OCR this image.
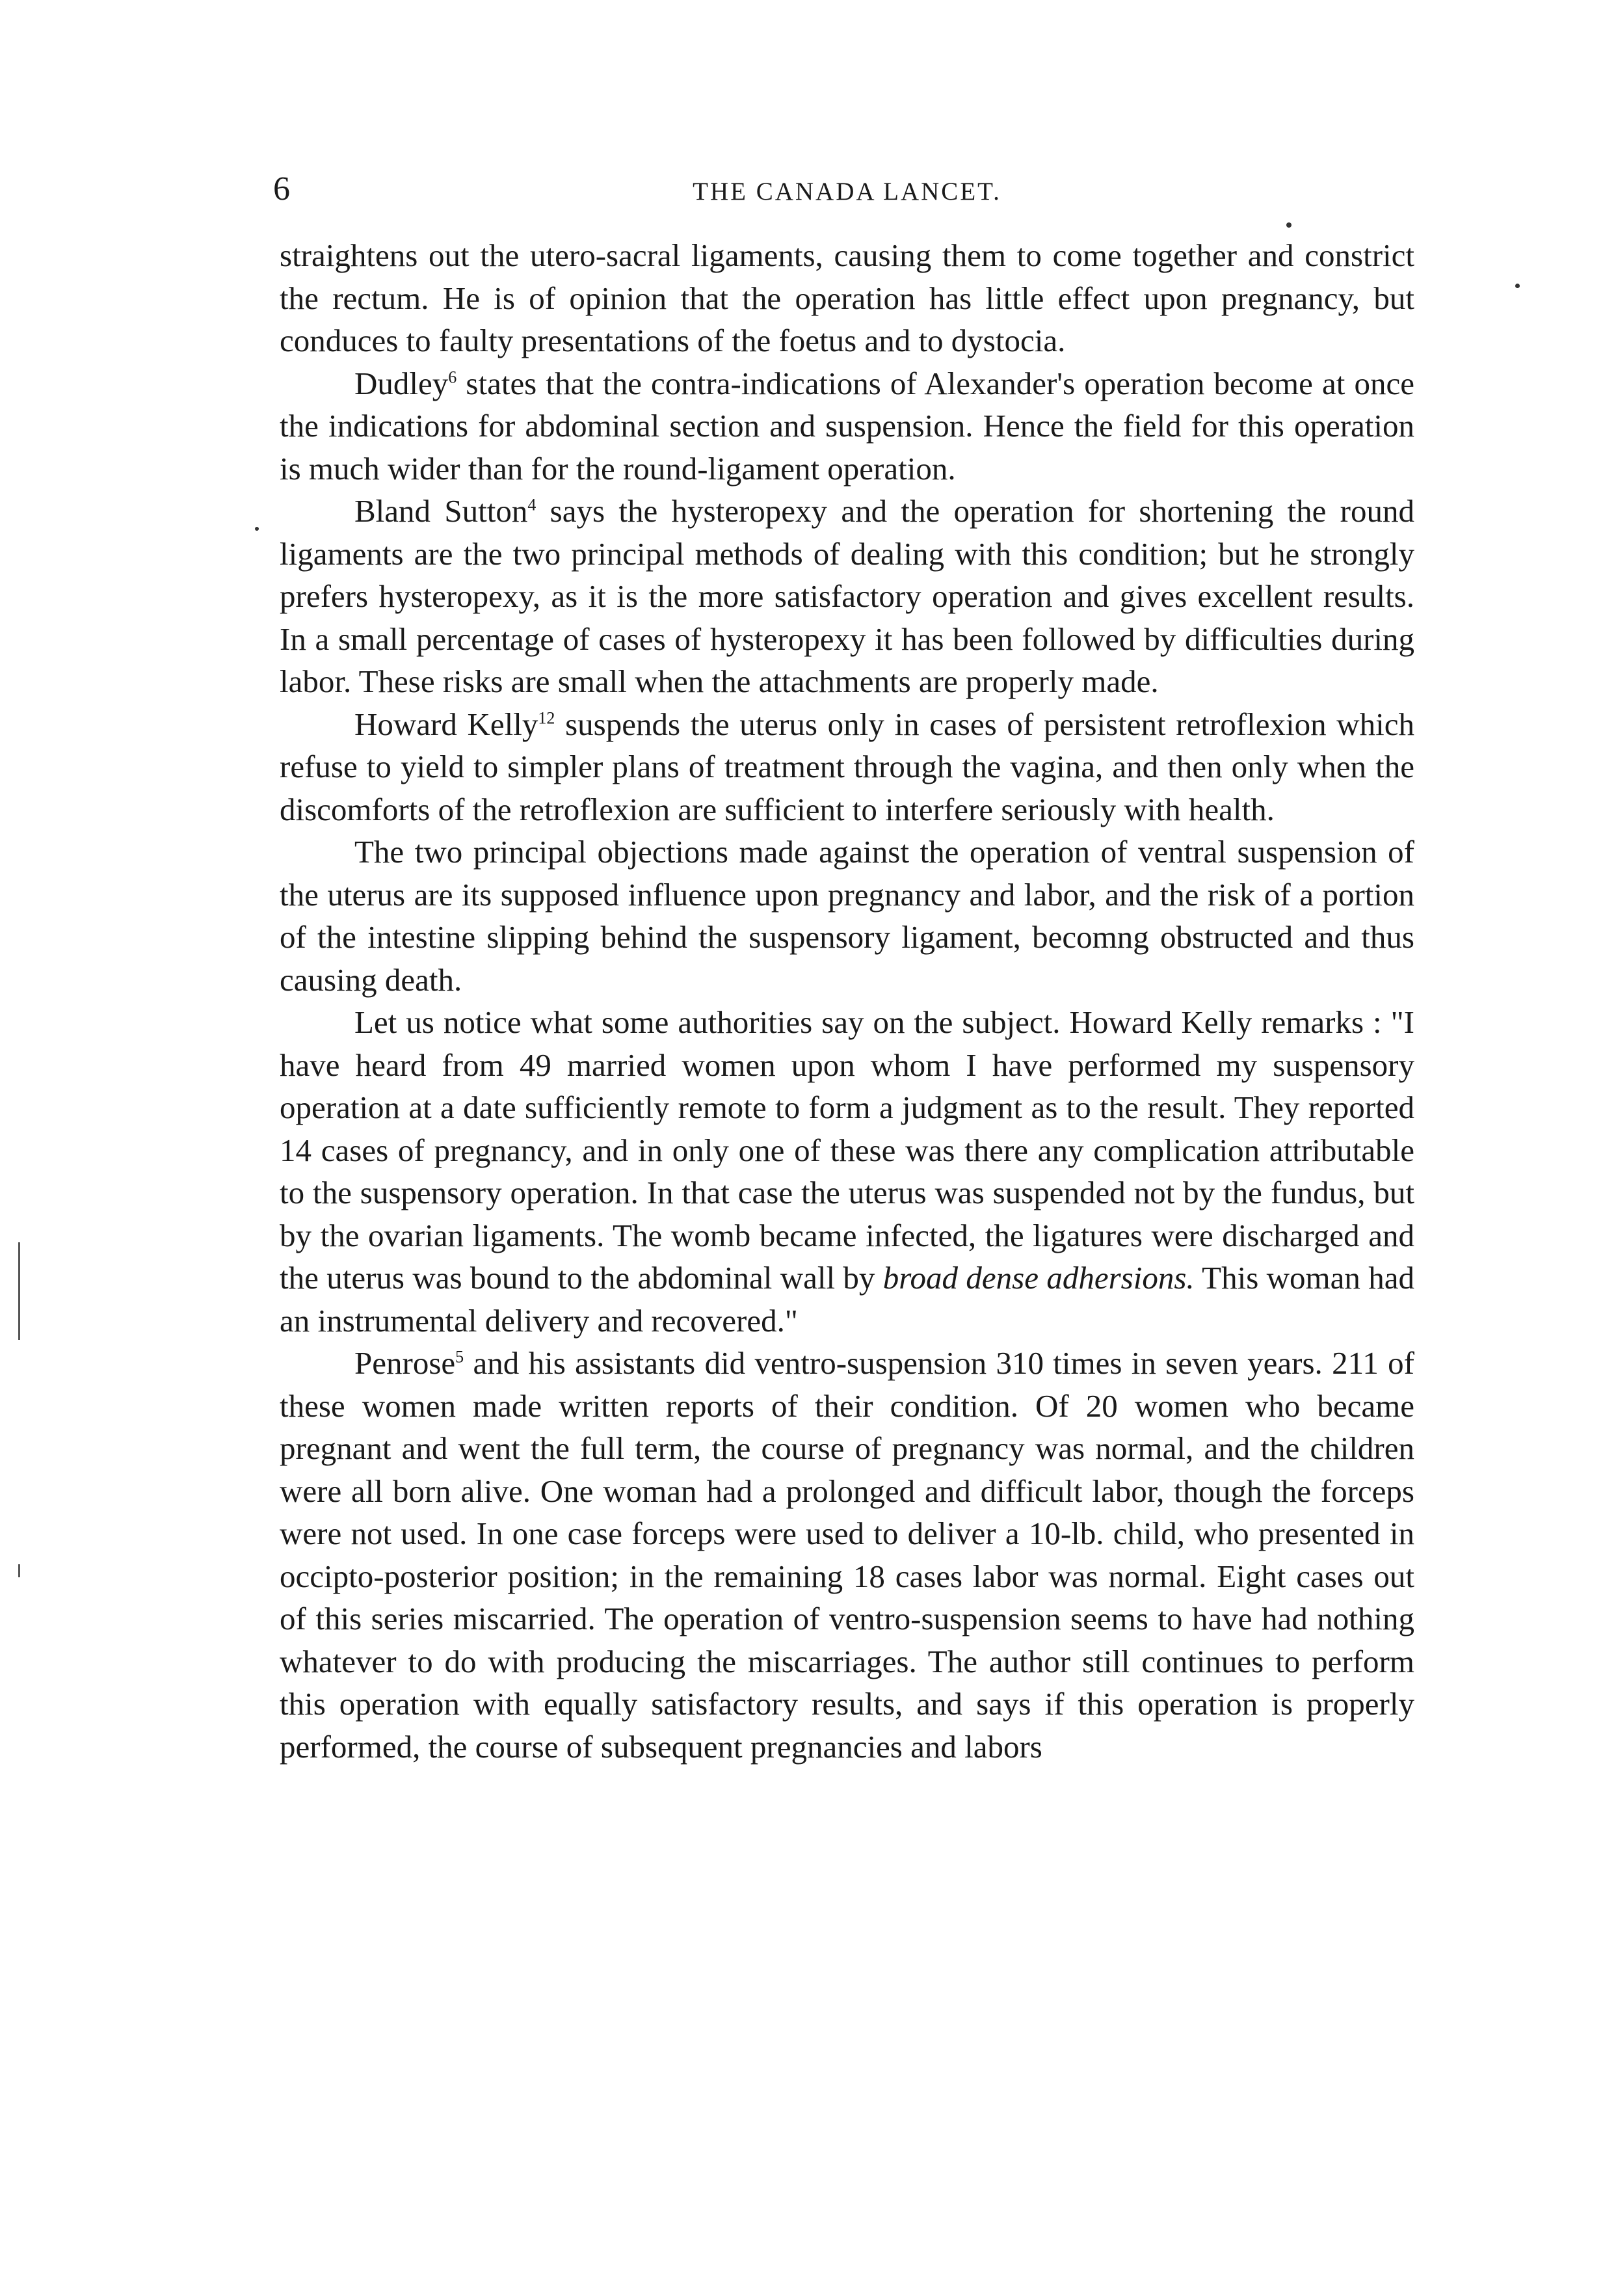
6	THE CANADA LANCET.

straightens out the utero-sacral ligaments, causing them to come together and constrict the rectum. He is of opinion that the operation has little effect upon pregnancy, but conduces to faulty presentations of the foetus and to dystocia.

Dudley$^6$ states that the contra-indications of Alexander's operation become at once the indications for abdominal section and suspension. Hence the field for this operation is much wider than for the round-ligament operation.

Bland Sutton$^4$ says the hysteropexy and the operation for shortening the round ligaments are the two principal methods of dealing with this condition; but he strongly prefers hysteropexy, as it is the more satisfactory operation and gives excellent results. In a small percentage of cases of hysteropexy it has been followed by difficulties during labor. These risks are small when the attachments are properly made.

Howard Kelly$^{12}$ suspends the uterus only in cases of persistent retroflexion which refuse to yield to simpler plans of treatment through the vagina, and then only when the discomforts of the retroflexion are sufficient to interfere seriously with health.

The two principal objections made against the operation of ventral suspension of the uterus are its supposed influence upon pregnancy and labor, and the risk of a portion of the intestine slipping behind the suspensory ligament, becomng obstructed and thus causing death.

Let us notice what some authorities say on the subject. Howard Kelly remarks : "I have heard from 49 married women upon whom I have performed my suspensory operation at a date sufficiently remote to form a judgment as to the result. They reported 14 cases of pregnancy, and in only one of these was there any complication attributable to the suspensory operation. In that case the uterus was suspended not by the fundus, but by the ovarian ligaments. The womb became infected, the ligatures were discharged and the uterus was bound to the abdominal wall by broad dense adhersions. This woman had an instrumental delivery and recovered."

Penrose$^5$ and his assistants did ventro-suspension 310 times in seven years. 211 of these women made written reports of their condition. Of 20 women who became pregnant and went the full term, the course of pregnancy was normal, and the children were all born alive. One woman had a prolonged and difficult labor, though the forceps were not used. In one case forceps were used to deliver a 10-lb. child, who presented in occipto-posterior position; in the remaining 18 cases labor was normal. Eight cases out of this series miscarried. The operation of ventro-suspension seems to have had nothing whatever to do with producing the miscarriages. The author still continues to perform this operation with equally satisfactory results, and says if this operation is properly performed, the course of subsequent pregnancies and labors
